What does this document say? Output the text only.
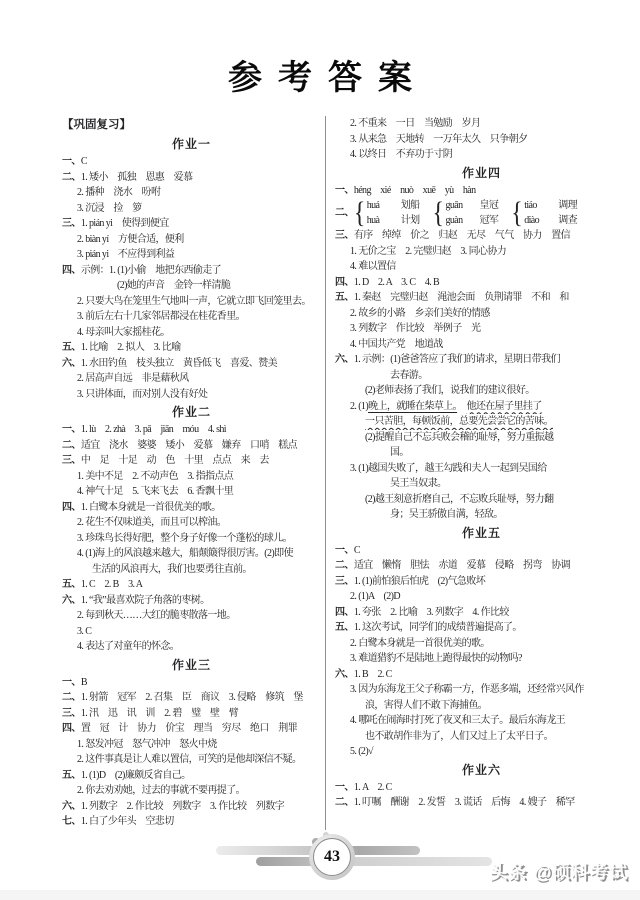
参考答案
【巩固复习】
作业一
一、C
二、1. 矮小　孤独　恩惠　爱慕
2. 播种　浇水　吩咐
3. 沉浸　捡　箩
三、1. pián yi　使得到便宜
2. biàn yí　方便合适，便利
3. pián yi　不应得到利益
四、示例：1. (1)小偷　地把东西偷走了
(2)她的声音　金铃一样清脆
2. 只要大鸟在笼里生气地叫一声，它就立即飞回笼里去。
3. 前后左右十几家邻居都浸在桂花香里。
4. 母亲叫大家摇桂花。
五、1. 比喻　2. 拟人　3. 比喻
六、1. 水田钓鱼　枝头独立　黄昏低飞　喜爱、赞美
2. 居高声自远　非是藉秋风
3. 只讲体面，而对别人没有好处
作业二
一、1. lù　2. zhà　3. pā　jiān　móu　4. shì
二、适宜　浇水　婆婆　矮小　爱慕　嫌弃　口哨　糕点
三、中　足　十足　动　色　十里　点点　来　去
1. 美中不足　2. 不动声色　3. 指指点点
4. 神气十足　5. 飞来飞去　6. 香飘十里
四、1. 白鹭本身就是一首很优美的歌。
2. 花生不仅味道美，而且可以榨油。
3. 珍珠鸟长得好肥，整个身子好像一个蓬松的球儿。
4. (1)海上的风浪越来越大，船颠簸得很厉害。(2)即使
生活的风浪再大，我们也要勇往直前。
五、1. C　2. B　3. A
六、1. “我”最喜欢院子角落的枣树。
2. 每到秋天……大红的脆枣散落一地。
3. C
4. 表达了对童年的怀念。
作业三
一、B
二、1. 射箭　冠军　2. 召集　臣　商议　3. 侵略　修筑　堡
三、1. 汛　迅　讯　训　2. 碧　璧　壁　臂
四、置　冠　计　协力　价宝　理当　穷尽　绝口　荆罪
1. 怒发冲冠　怒气冲冲　怒火中烧
2. 这件事真是让人难以置信，可笑的是他却深信不疑。
五、1. (1)D　(2)廉颇反省自己。
2. 你去劝劝她，过去的事就不要再提了。
六、1. 列数字　2. 作比较　列数字　3. 作比较　列数字
七、1. 白了少年头　空悲切
2. 不重来　一日　当勉励　岁月
3. 从来急　天地转　一万年太久　只争朝夕
4. 以终日　不弃功于寸阴
作业四
一、héng　xié　nuò　xuē　yù　hàn
二、 { huá 划船
huà 计划 { guān 皇冠
guàn 冠军 { tiáo 调理
diào 调查
三、有序　绰绰　价之　归赵　无尽　气气　协力　置信
1. 无价之宝　2. 完璧归赵　3. 同心协力
4. 难以置信
四、1. D　2. A　3. C　4. B
五、1. 秦赵　完璧归赵　渑池会面　负荆请罪　不和　和
2. 故乡的小路　乡亲们美好的情感
3. 列数字　作比较　举例子　光
4. 中国共产党　地道战
六、1. 示例：(1)爸爸答应了我们的请求，星期日带我们
去春游。
(2)老师表扬了我们，说我们的建议很好。
2. (1)晚上，就睡在柴草上。　 他还在屋子里挂了
一只苦胆，每顿饭前，总要先尝尝它的苦味。
(2)提醒自己不忘兵败会稽的耻辱，努力重振越
国。
3. (1)越国失败了，越王勾践和夫人一起到吴国给
吴王当奴隶。
(2)越王刻意折磨自己，不忘败兵耻辱，努力翻
身；吴王骄傲自满，轻敌。
作业五
一、C
二、适宜　懒惰　胆怯　赤道　爱慕　侵略　拐弯　协调
三、1. (1)前怕狼后怕虎　(2)气急败坏
2. (1)A　(2)D
四、1. 夸张　2. 比喻　3. 列数字　4. 作比较
五、1. 这次考试，同学们的成绩普遍提高了。
2. 白鹭本身就是一首很优美的歌。
3. 难道猎豹不是陆地上跑得最快的动物吗?
六、1. B　2. C
3. 因为东海龙王父子称霸一方，作恶多端，还经常兴风作
浪，害得人们不敢下海捕鱼。
4. 哪吒在闹海时打死了夜叉和三太子。最后东海龙王
也不敢胡作非为了，人们又过上了太平日子。
5. (2)√
作业六
一、1. A　2. C
二、1. 叮嘱　酬谢　2. 发誓　3. 谎话　后悔　4. 嫂子　稀罕
43
头条 @硕科考试
